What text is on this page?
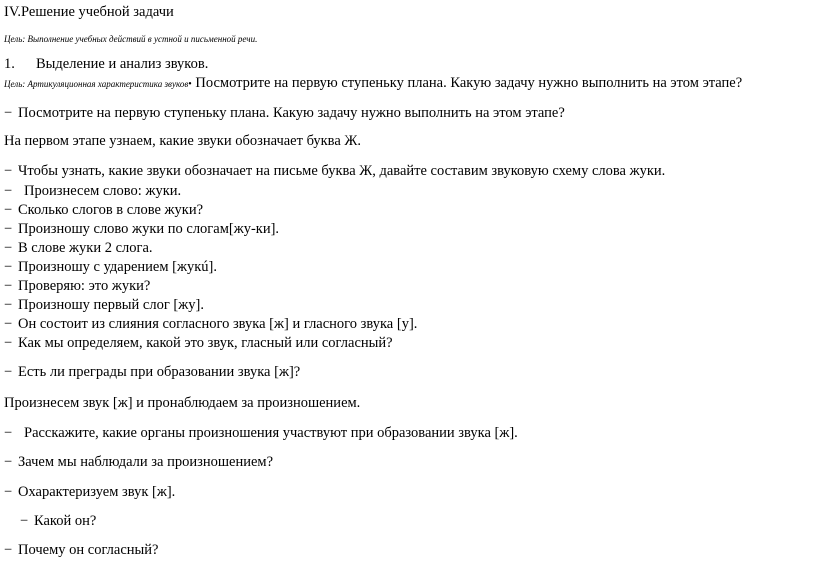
IV.Решение учебной задачи
Цель: Выполнение учебных действий в устной и письменной речи.
1. Выделение и анализ звуков.
Цель: Артикуляционная характеристика звуков• Посмотрите на первую ступеньку плана. Какую задачу нужно выполнить на этом этапе?
− Посмотрите на первую ступеньку плана. Какую задачу нужно выполнить на этом этапе?
На первом этапе узнаем, какие звуки обозначает буква Ж.
− Чтобы узнать, какие звуки обозначает на письме буква Ж, давайте составим звуковую схему слова жуки.
− Произнесем слово: жуки.
− Сколько слогов в слове жуки?
− Произношу слово жуки по слогам[жу-ки].
− В слове жуки 2 слога.
− Произношу с ударением [жукú].
− Проверяю: это жуки?
− Произношу первый слог [жу].
− Он состоит из слияния согласного звука [ж] и гласного звука [у].
− Как мы определяем, какой это звук, гласный или согласный?
− Есть ли преграды при образовании звука [ж]?
Произнесем звук [ж] и пронаблюдаем за произношением.
− Расскажите, какие органы произношения участвуют при образовании звука [ж].
− Зачем мы наблюдали за произношением?
− Охарактеризуем звук [ж].
− Какой он?
− Почему он согласный?
